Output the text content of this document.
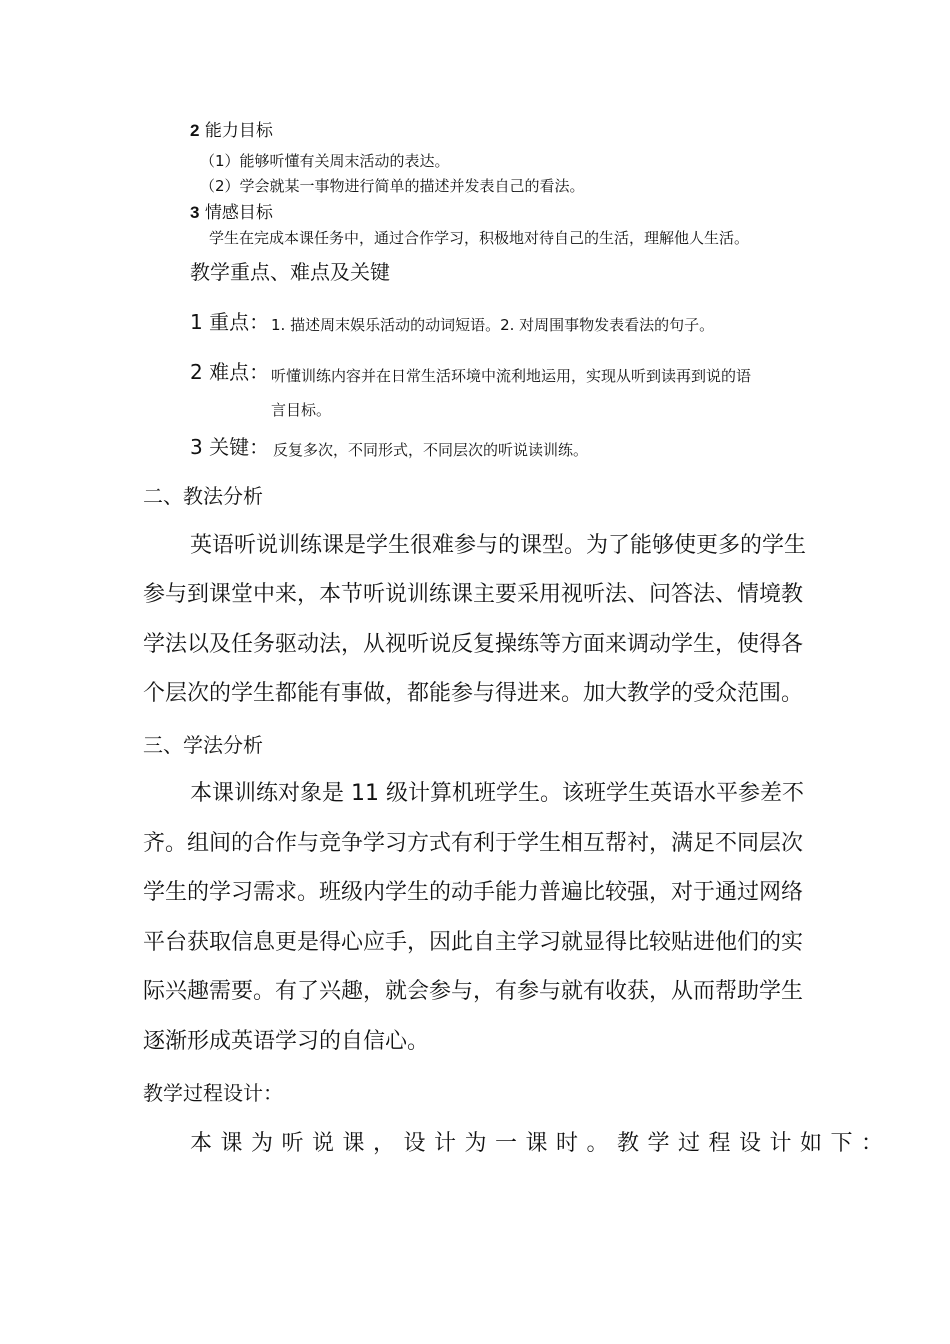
2 能力目标
（1）能够听懂有关周末活动的表达。
（2）学会就某一事物进行简单的描述并发表自己的看法。
3 情感目标
学生在完成本课任务中，通过合作学习，积极地对待自己的生活，理解他人生活。
教学重点、难点及关键
1 重点： 1. 描述周末娱乐活动的动词短语。2. 对周围事物发表看法的句子。
2 难点： 听懂训练内容并在日常生活环境中流利地运用，实现从听到读再到说的语
言目标。
3 关键： 反复多次，不同形式，不同层次的听说读训练。
二、教法分析
英语听说训练课是学生很难参与的课型。为了能够使更多的学生
参与到课堂中来，本节听说训练课主要采用视听法、问答法、情境教
学法以及任务驱动法，从视听说反复操练等方面来调动学生，使得各
个层次的学生都能有事做，都能参与得进来。加大教学的受众范围。
三、学法分析
本课训练对象是 11 级计算机班学生。该班学生英语水平参差不
齐。组间的合作与竞争学习方式有利于学生相互帮衬，满足不同层次
学生的学习需求。班级内学生的动手能力普遍比较强，对于通过网络
平台获取信息更是得心应手，因此自主学习就显得比较贴进他们的实
际兴趣需要。有了兴趣，就会参与，有参与就有收获，从而帮助学生
逐渐形成英语学习的自信心。
教学过程设计：
本课为听说课，设计为一课时。教学过程设计如下：
